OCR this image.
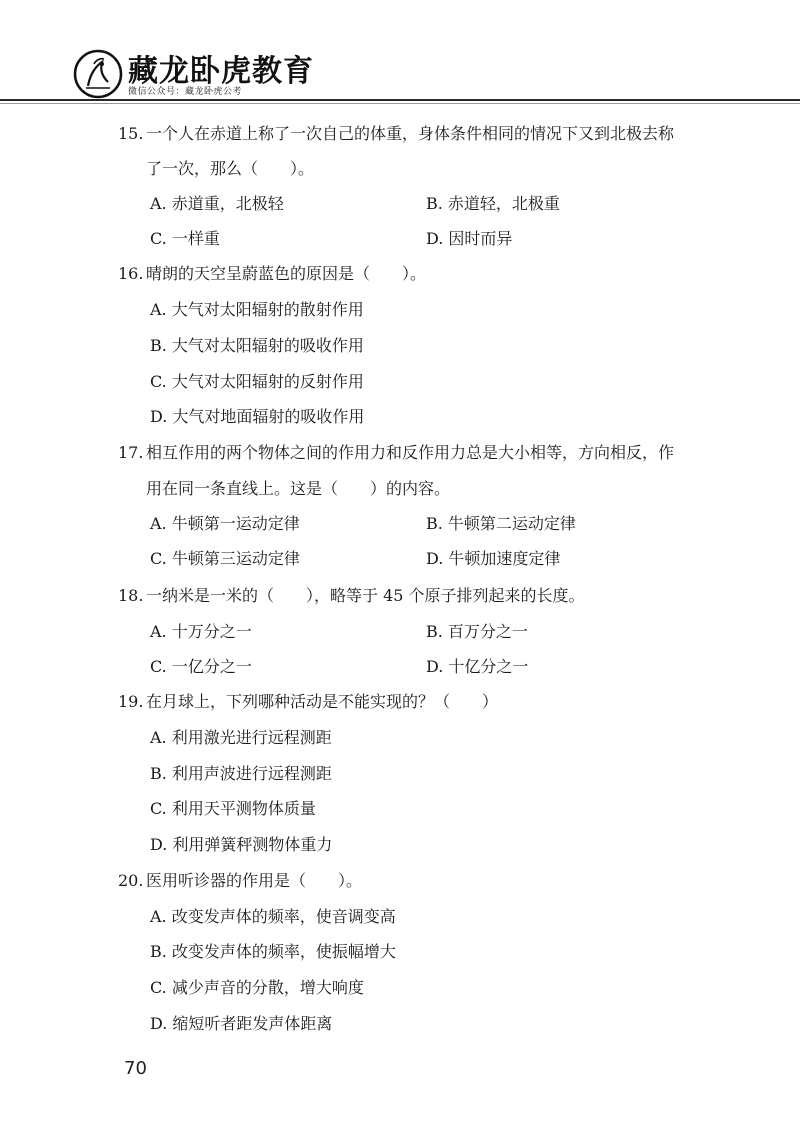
藏龙卧虎教育
微信公众号：藏龙卧虎公考
15. 一个人在赤道上称了一次自己的体重，身体条件相同的情况下又到北极去称
了一次，那么（　　）。
A. 赤道重，北极轻	B. 赤道轻，北极重
C. 一样重	D. 因时而异
16. 晴朗的天空呈蔚蓝色的原因是（　　）。
A. 大气对太阳辐射的散射作用
B. 大气对太阳辐射的吸收作用
C. 大气对太阳辐射的反射作用
D. 大气对地面辐射的吸收作用
17. 相互作用的两个物体之间的作用力和反作用力总是大小相等，方向相反，作
用在同一条直线上。这是（　　）的内容。
A. 牛顿第一运动定律	B. 牛顿第二运动定律
C. 牛顿第三运动定律	D. 牛顿加速度定律
18. 一纳米是一米的（　　），略等于 45 个原子排列起来的长度。
A. 十万分之一	B. 百万分之一
C. 一亿分之一	D. 十亿分之一
19. 在月球上，下列哪种活动是不能实现的？（　　）
A. 利用激光进行远程测距
B. 利用声波进行远程测距
C. 利用天平测物体质量
D. 利用弹簧秤测物体重力
20. 医用听诊器的作用是（　　）。
A. 改变发声体的频率，使音调变高
B. 改变发声体的频率，使振幅增大
C. 减少声音的分散，增大响度
D. 缩短听者距发声体距离
70
